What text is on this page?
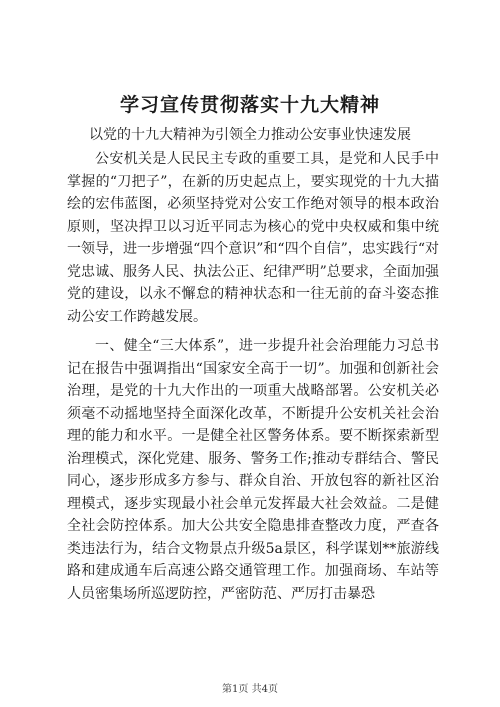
学习宣传贯彻落实十九大精神

以党的十九大精神为引领全力推动公安事业快速发展

公安机关是人民民主专政的重要工具，是党和人民手中掌握的“刀把子”，在新的历史起点上，要实现党的十九大描绘的宏伟蓝图，必须坚持党对公安工作绝对领导的根本政治原则，坚决捍卫以习近平同志为核心的党中央权威和集中统一领导，进一步增强“四个意识”和“四个自信”，忠实践行“对党忠诚、服务人民、执法公正、纪律严明”总要求，全面加强党的建设，以永不懈怠的精神状态和一往无前的奋斗姿态推动公安工作跨越发展。

一、健全“三大体系”，进一步提升社会治理能力习总书记在报告中强调指出“国家安全高于一切”。加强和创新社会治理，是党的十九大作出的一项重大战略部署。公安机关必须毫不动摇地坚持全面深化改革，不断提升公安机关社会治理的能力和水平。一是健全社区警务体系。要不断探索新型治理模式，深化党建、服务、警务工作;推动专群结合、警民同心，逐步形成多方参与、群众自治、开放包容的新社区治理模式，逐步实现最小社会单元发挥最大社会效益。二是健全社会防控体系。加大公共安全隐患排查整改力度，严查各类违法行为，结合文物景点升级5a景区，科学谋划**旅游线路和建成通车后高速公路交通管理工作。加强商场、车站等人员密集场所巡逻防控，严密防范、严厉打击暴恐

第1页 共4页
